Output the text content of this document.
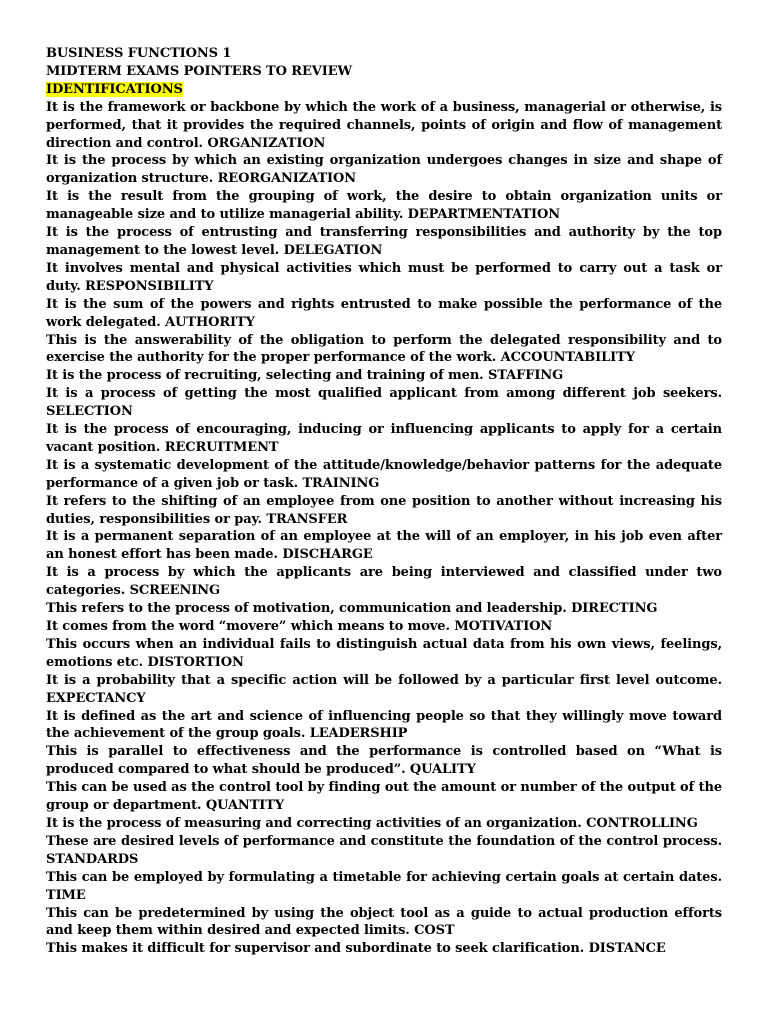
BUSINESS FUNCTIONS 1
MIDTERM EXAMS POINTERS TO REVIEW
IDENTIFICATIONS
It is the framework or backbone by which the work of a business, managerial or otherwise, is performed, that it provides the required channels, points of origin and flow of management direction and control. ORGANIZATION
It is the process by which an existing organization undergoes changes in size and shape of organization structure. REORGANIZATION
It is the result from the grouping of work, the desire to obtain organization units or manageable size and to utilize managerial ability. DEPARTMENTATION
It is the process of entrusting and transferring responsibilities and authority by the top management to the lowest level. DELEGATION
It involves mental and physical activities which must be performed to carry out a task or duty. RESPONSIBILITY
It is the sum of the powers and rights entrusted to make possible the performance of the work delegated. AUTHORITY
This is the answerability of the obligation to perform the delegated responsibility and to exercise the authority for the proper performance of the work. ACCOUNTABILITY
It is the process of recruiting, selecting and training of men. STAFFING
It is a process of getting the most qualified applicant from among different job seekers. SELECTION
It is the process of encouraging, inducing or influencing applicants to apply for a certain vacant position. RECRUITMENT
It is a systematic development of the attitude/knowledge/behavior patterns for the adequate performance of a given job or task. TRAINING
It refers to the shifting of an employee from one position to another without increasing his duties, responsibilities or pay. TRANSFER
It is a permanent separation of an employee at the will of an employer, in his job even after an honest effort has been made. DISCHARGE
It is a process by which the applicants are being interviewed and classified under two categories. SCREENING
This refers to the process of motivation, communication and leadership. DIRECTING
It comes from the word “movere” which means to move. MOTIVATION
This occurs when an individual fails to distinguish actual data from his own views, feelings, emotions etc. DISTORTION
It is a probability that a specific action will be followed by a particular first level outcome. EXPECTANCY
It is defined as the art and science of influencing people so that they willingly move toward the achievement of the group goals. LEADERSHIP
This is parallel to effectiveness and the performance is controlled based on “What is produced compared to what should be produced”. QUALITY
This can be used as the control tool by finding out the amount or number of the output of the group or department. QUANTITY
It is the process of measuring and correcting activities of an organization. CONTROLLING
These are desired levels of performance and constitute the foundation of the control process. STANDARDS
This can be employed by formulating a timetable for achieving certain goals at certain dates. TIME
This can be predetermined by using the object tool as a guide to actual production efforts and keep them within desired and expected limits. COST
This makes it difficult for supervisor and subordinate to seek clarification. DISTANCE
